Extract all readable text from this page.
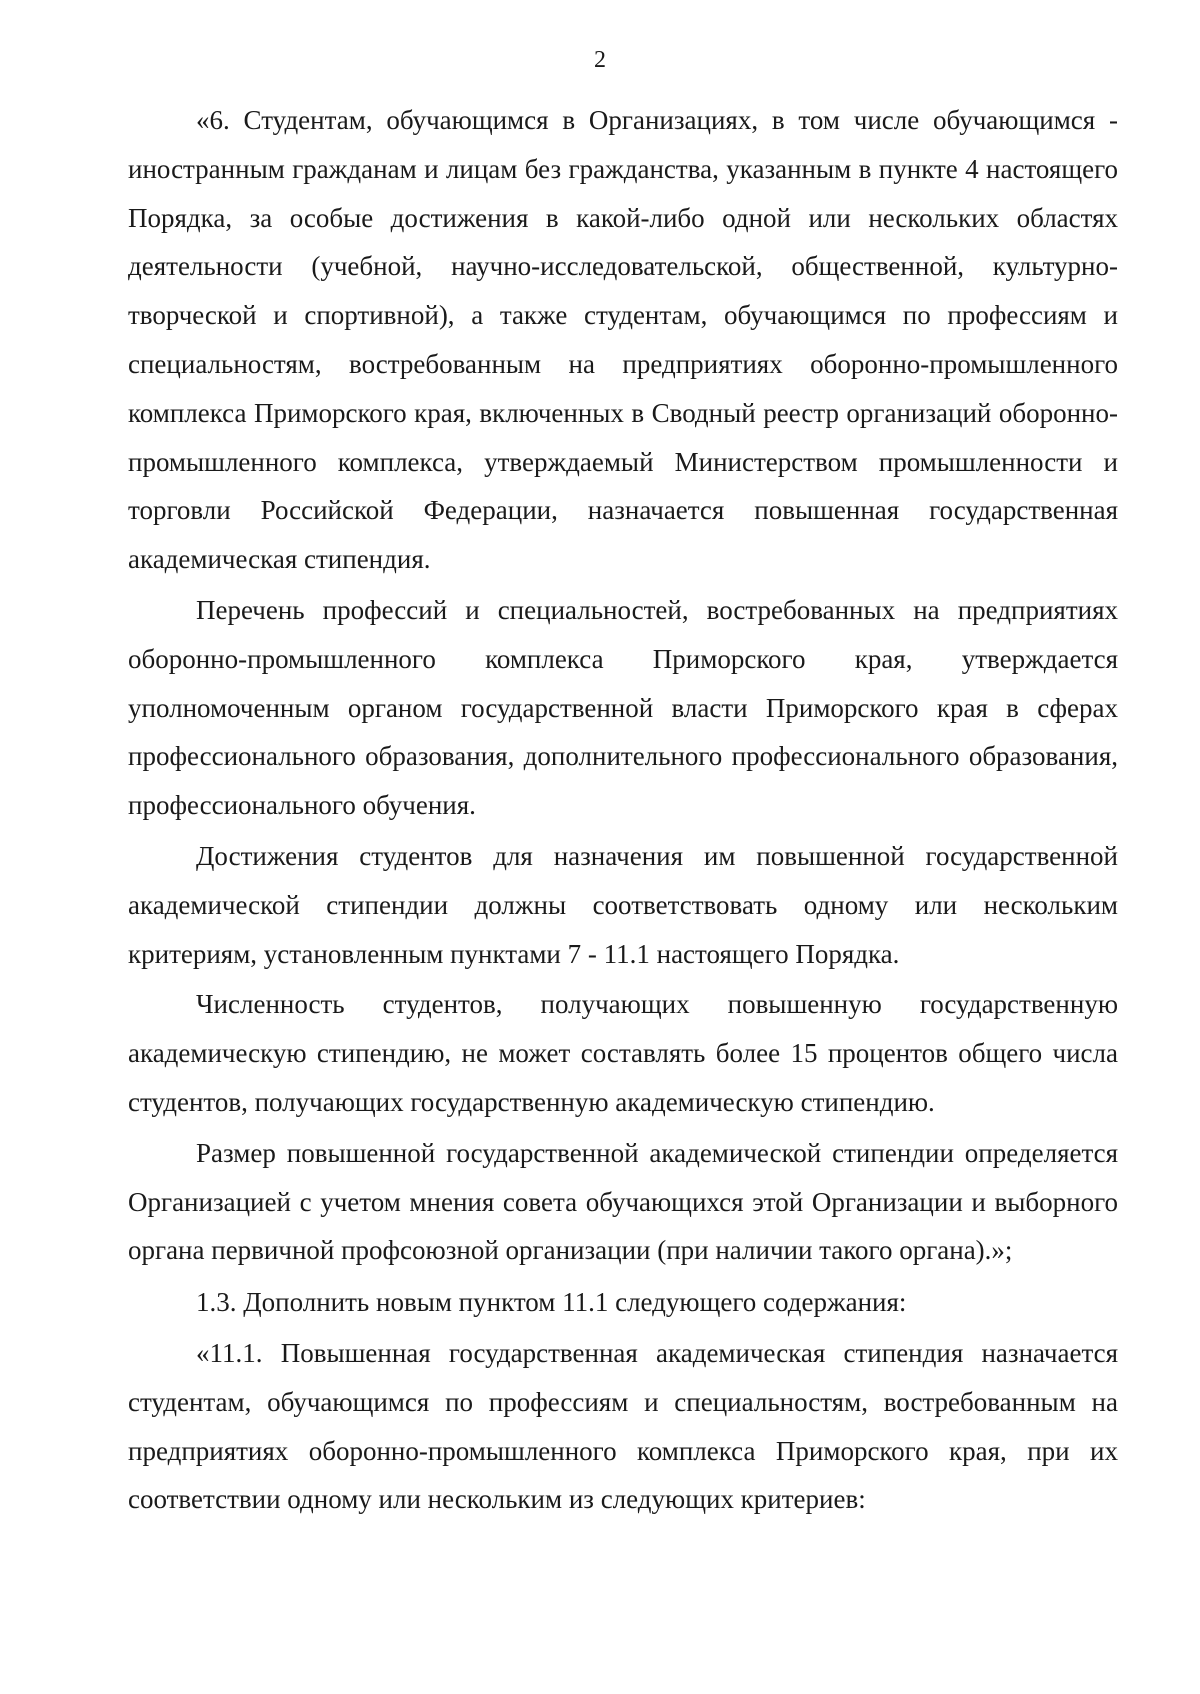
2

«6. Студентам, обучающимся в Организациях, в том числе обучающимся - иностранным гражданам и лицам без гражданства, указанным в пункте 4 настоящего Порядка, за особые достижения в какой-либо одной или нескольких областях деятельности (учебной, научно-исследовательской, общественной, культурно-творческой и спортивной), а также студентам, обучающимся по профессиям и специальностям, востребованным на предприятиях оборонно-промышленного комплекса Приморского края, включенных в Сводный реестр организаций оборонно-промышленного комплекса, утверждаемый Министерством промышленности и торговли Российской Федерации, назначается повышенная государственная академическая стипендия.

Перечень профессий и специальностей, востребованных на предприятиях оборонно-промышленного комплекса Приморского края, утверждается уполномоченным органом государственной власти Приморского края в сферах профессионального образования, дополнительного профессионального образования, профессионального обучения.

Достижения студентов для назначения им повышенной государственной академической стипендии должны соответствовать одному или нескольким критериям, установленным пунктами 7 - 11.1 настоящего Порядка.

Численность студентов, получающих повышенную государственную академическую стипендию, не может составлять более 15 процентов общего числа студентов, получающих государственную академическую стипендию.

Размер повышенной государственной академической стипендии определяется Организацией с учетом мнения совета обучающихся этой Организации и выборного органа первичной профсоюзной организации (при наличии такого органа).»;

1.3. Дополнить новым пунктом 11.1 следующего содержания:

«11.1. Повышенная государственная академическая стипендия назначается студентам, обучающимся по профессиям и специальностям, востребованным на предприятиях оборонно-промышленного комплекса Приморского края, при их соответствии одному или нескольким из следующих критериев:
